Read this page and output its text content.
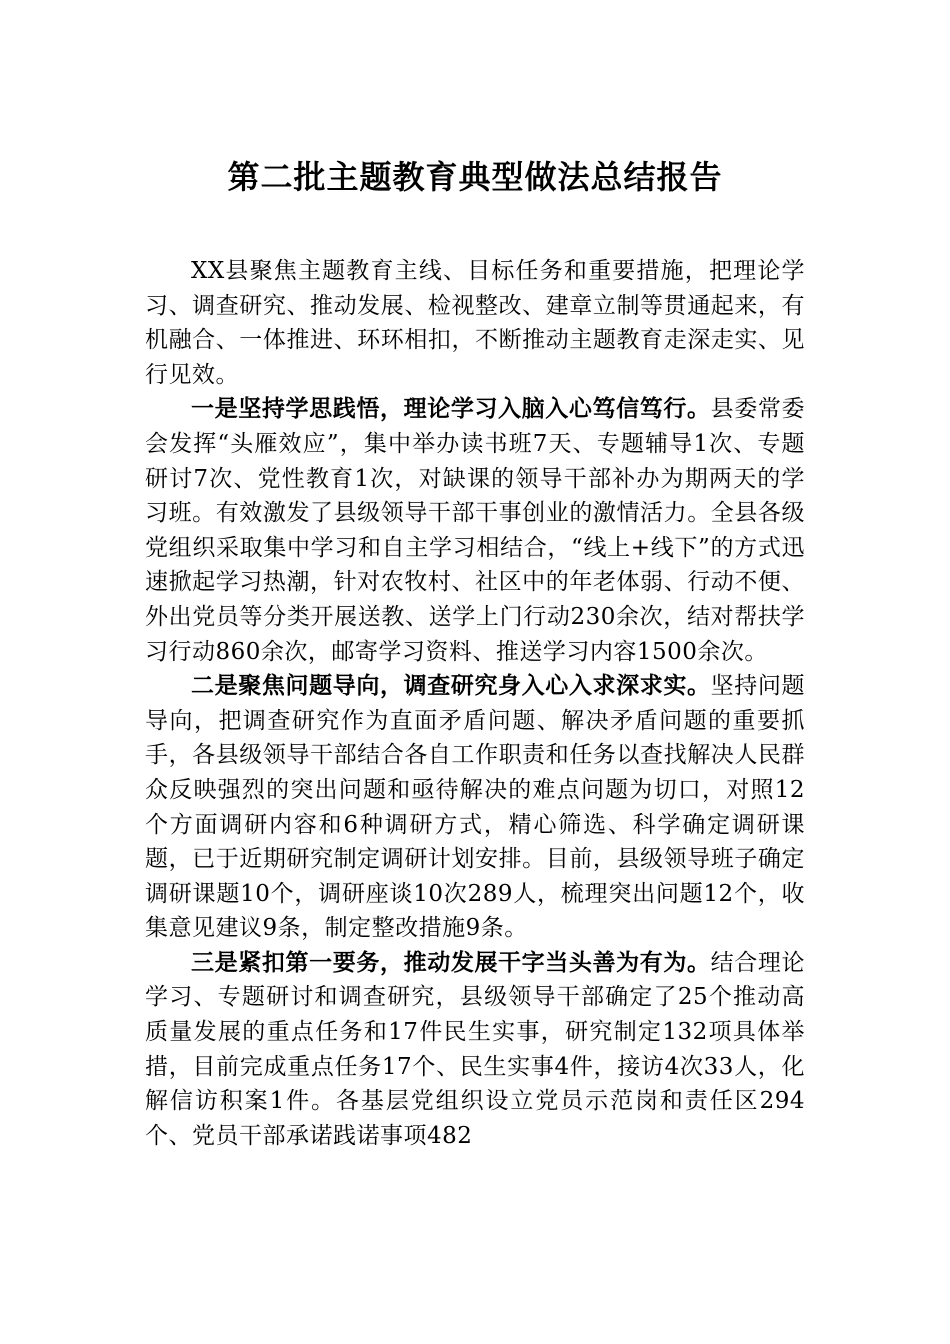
第二批主题教育典型做法总结报告

XX县聚焦主题教育主线、目标任务和重要措施，把理论学习、调查研究、推动发展、检视整改、建章立制等贯通起来，有机融合、一体推进、环环相扣，不断推动主题教育走深走实、见行见效。

一是坚持学思践悟，理论学习入脑入心笃信笃行。县委常委会发挥“头雁效应”，集中举办读书班7天、专题辅导1次、专题研讨7次、党性教育1次，对缺课的领导干部补办为期两天的学习班。有效激发了县级领导干部干事创业的激情活力。全县各级党组织采取集中学习和自主学习相结合，“线上+线下”的方式迅速掀起学习热潮，针对农牧村、社区中的年老体弱、行动不便、外出党员等分类开展送教、送学上门行动230余次，结对帮扶学习行动860余次，邮寄学习资料、推送学习内容1500余次。

二是聚焦问题导向，调查研究身入心入求深求实。坚持问题导向，把调查研究作为直面矛盾问题、解决矛盾问题的重要抓手，各县级领导干部结合各自工作职责和任务以查找解决人民群众反映强烈的突出问题和亟待解决的难点问题为切口，对照12个方面调研内容和6种调研方式，精心筛选、科学确定调研课题，已于近期研究制定调研计划安排。目前，县级领导班子确定调研课题10个，调研座谈10次289人，梳理突出问题12个，收集意见建议9条，制定整改措施9条。

三是紧扣第一要务，推动发展干字当头善为有为。结合理论学习、专题研讨和调查研究，县级领导干部确定了25个推动高质量发展的重点任务和17件民生实事，研究制定132项具体举措，目前完成重点任务17个、民生实事4件，接访4次33人，化解信访积案1件。各基层党组织设立党员示范岗和责任区294个、党员干部承诺践诺事项482
